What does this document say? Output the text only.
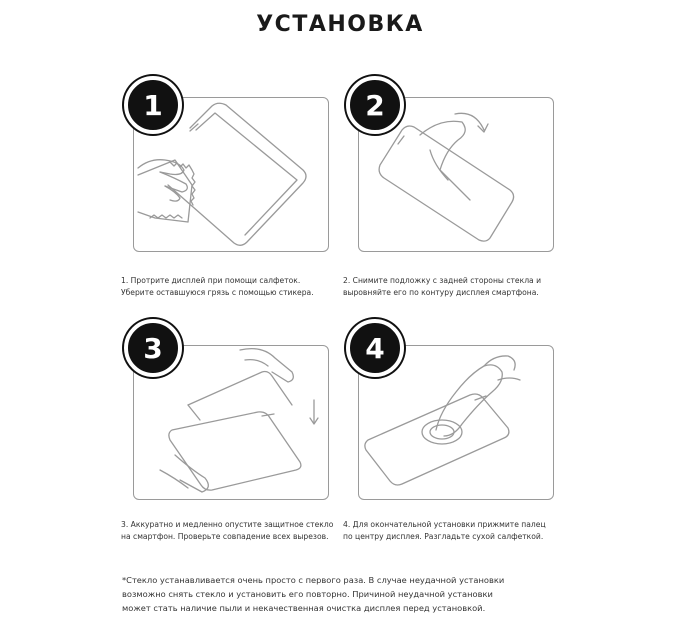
УСТАНОВКА
1
1. Протрите дисплей при помощи салфеток.
Уберите оставшуюся грязь с помощью стикера.
2
2. Снимите подложку с задней стороны стекла и
выровняйте его по контуру дисплея смартфона.
3
3. Аккуратно и медленно опустите защитное стекло
на смартфон. Проверьте совпадение всех вырезов.
4
4. Для окончательной установки прижмите палец
по центру дисплея. Разгладьте сухой салфеткой.
*Стекло устанавливается очень просто с первого раза. В случае неудачной установки
возможно снять стекло и установить его повторно. Причиной неудачной установки
может стать наличие пыли и некачественная очистка дисплея перед установкой.
